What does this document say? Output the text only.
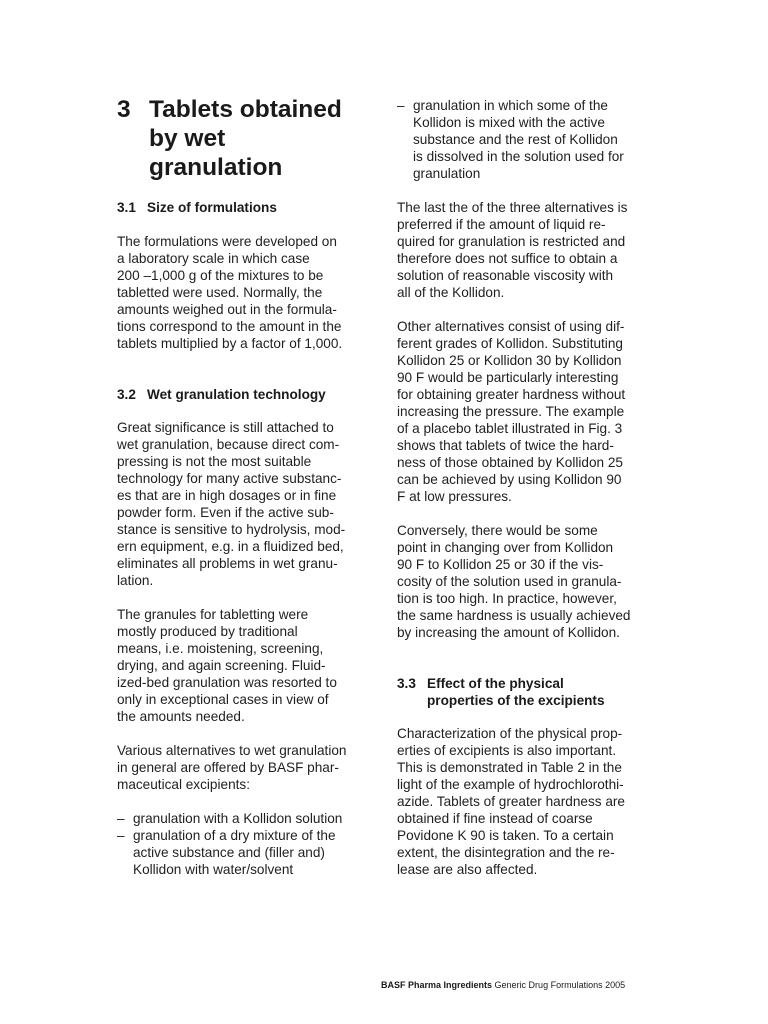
3 Tablets obtained
by wet
granulation
3.1 Size of formulations
The formulations were developed on
a laboratory scale in which case
200 –1,000 g of the mixtures to be
tabletted were used. Normally, the
amounts weighed out in the formula-
tions correspond to the amount in the
tablets multiplied by a factor of 1,000.
3.2 Wet granulation technology
Great significance is still attached to
wet granulation, because direct com-
pressing is not the most suitable
technology for many active substanc-
es that are in high dosages or in fine
powder form. Even if the active sub-
stance is sensitive to hydrolysis, mod-
ern equipment, e.g. in a fluidized bed,
eliminates all problems in wet granu-
lation.
The granules for tabletting were
mostly produced by traditional
means, i.e. moistening, screening,
drying, and again screening. Fluid-
ized-bed granulation was resorted to
only in exceptional cases in view of
the amounts needed.
Various alternatives to wet granulation
in general are offered by BASF phar-
maceutical excipients:
– granulation with a Kollidon solution
– granulation of a dry mixture of the
active substance and (filler and)
Kollidon with water/solvent
– granulation in which some of the
Kollidon is mixed with the active
substance and the rest of Kollidon
is dissolved in the solution used for
granulation
The last the of the three alternatives is
preferred if the amount of liquid re-
quired for granulation is restricted and
therefore does not suffice to obtain a
solution of reasonable viscosity with
all of the Kollidon.
Other alternatives consist of using dif-
ferent grades of Kollidon. Substituting
Kollidon 25 or Kollidon 30 by Kollidon
90 F would be particularly interesting
for obtaining greater hardness without
increasing the pressure. The example
of a placebo tablet illustrated in Fig. 3
shows that tablets of twice the hard-
ness of those obtained by Kollidon 25
can be achieved by using Kollidon 90
F at low pressures.
Conversely, there would be some
point in changing over from Kollidon
90 F to Kollidon 25 or 30 if the vis-
cosity of the solution used in granula-
tion is too high. In practice, however,
the same hardness is usually achieved
by increasing the amount of Kollidon.
3.3 Effect of the physical
properties of the excipients
Characterization of the physical prop-
erties of excipients is also important.
This is demonstrated in Table 2 in the
light of the example of hydrochlorothi-
azide. Tablets of greater hardness are
obtained if fine instead of coarse
Povidone K 90 is taken. To a certain
extent, the disintegration and the re-
lease are also affected.
BASF Pharma Ingredients Generic Drug Formulations 2005
